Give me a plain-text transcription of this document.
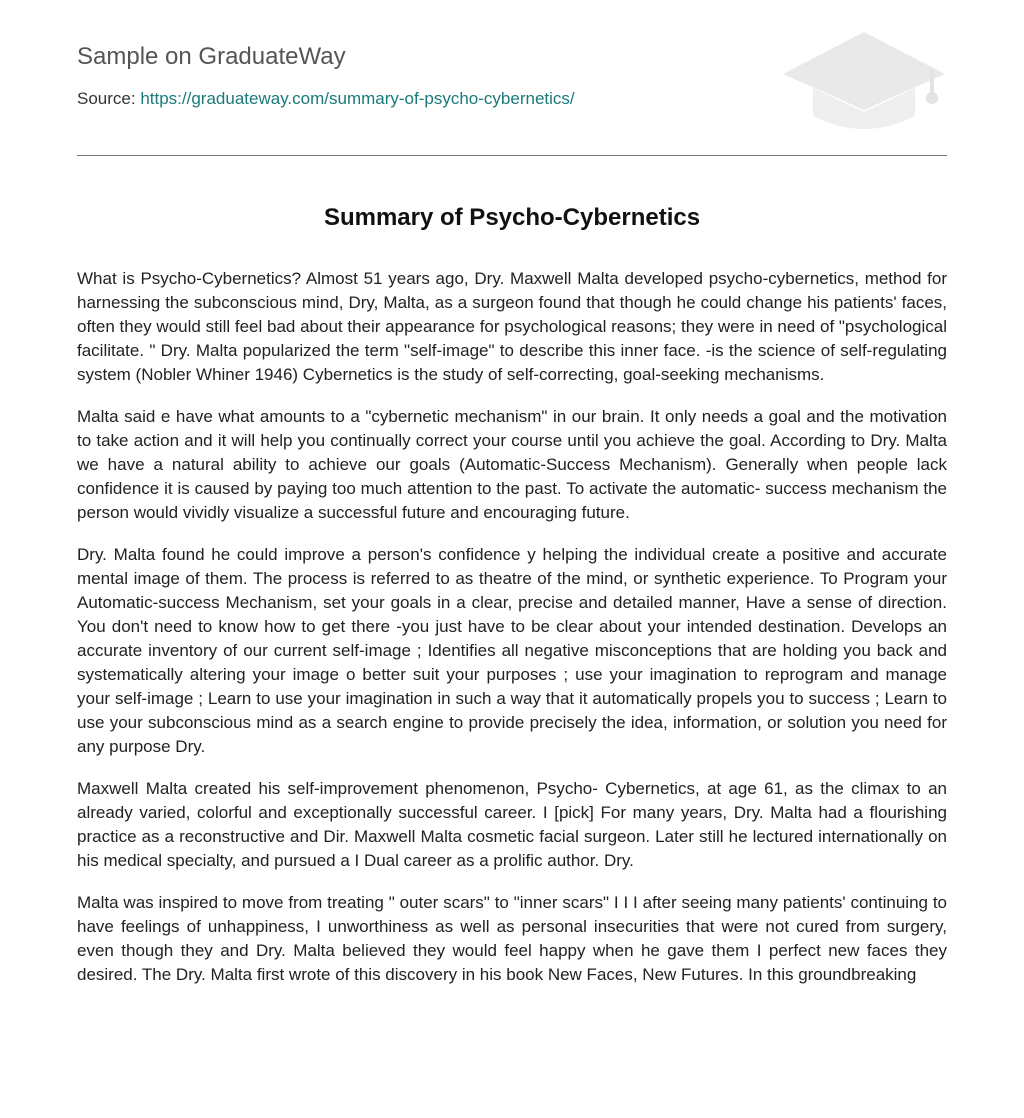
Sample on GraduateWay
Source: https://graduateway.com/summary-of-psycho-cybernetics/
Summary of Psycho-Cybernetics

What is Psycho-Cybernetics? Almost 51 years ago, Dry. Maxwell Malta developed psycho-cybernetics, method for harnessing the subconscious mind, Dry, Malta, as a surgeon found that though he could change his patients' faces, often they would still feel bad about their appearance for psychological reasons; they were in need of "psychological facilitate. " Dry. Malta popularized the term "self-image" to describe this inner face. -is the science of self-regulating system (Nobler Whiner 1946) Cybernetics is the study of self-correcting, goal-seeking mechanisms.

Malta said e have what amounts to a "cybernetic mechanism" in our brain. It only needs a goal and the motivation to take action and it will help you continually correct your course until you achieve the goal. According to Dry. Malta we have a natural ability to achieve our goals (Automatic-Success Mechanism). Generally when people lack confidence it is caused by paying too much attention to the past. To activate the automatic- success mechanism the person would vividly visualize a successful future and encouraging future.

Dry. Malta found he could improve a person's confidence y helping the individual create a positive and accurate mental image of them. The process is referred to as theatre of the mind, or synthetic experience. To Program your Automatic-success Mechanism, set your goals in a clear, precise and detailed manner, Have a sense of direction. You don't need to know how to get there -you just have to be clear about your intended destination. Develops an accurate inventory of our current self-image ; Identifies all negative misconceptions that are holding you back and systematically altering your image o better suit your purposes ; use your imagination to reprogram and manage your self-image ; Learn to use your imagination in such a way that it automatically propels you to success ; Learn to use your subconscious mind as a search engine to provide precisely the idea, information, or solution you need for any purpose Dry.

Maxwell Malta created his self-improvement phenomenon, Psycho- Cybernetics, at age 61, as the climax to an already varied, colorful and exceptionally successful career. I [pick] For many years, Dry. Malta had a flourishing practice as a reconstructive and Dir. Maxwell Malta cosmetic facial surgeon. Later still he lectured internationally on his medical specialty, and pursued a I Dual career as a prolific author. Dry.

Malta was inspired to move from treating " outer scars" to "inner scars" I I I after seeing many patients' continuing to have feelings of unhappiness, I unworthiness as well as personal insecurities that were not cured from surgery, even though they and Dry. Malta believed they would feel happy when he gave them I perfect new faces they desired. The Dry. Malta first wrote of this discovery in his book New Faces, New Futures. In this groundbreaking
